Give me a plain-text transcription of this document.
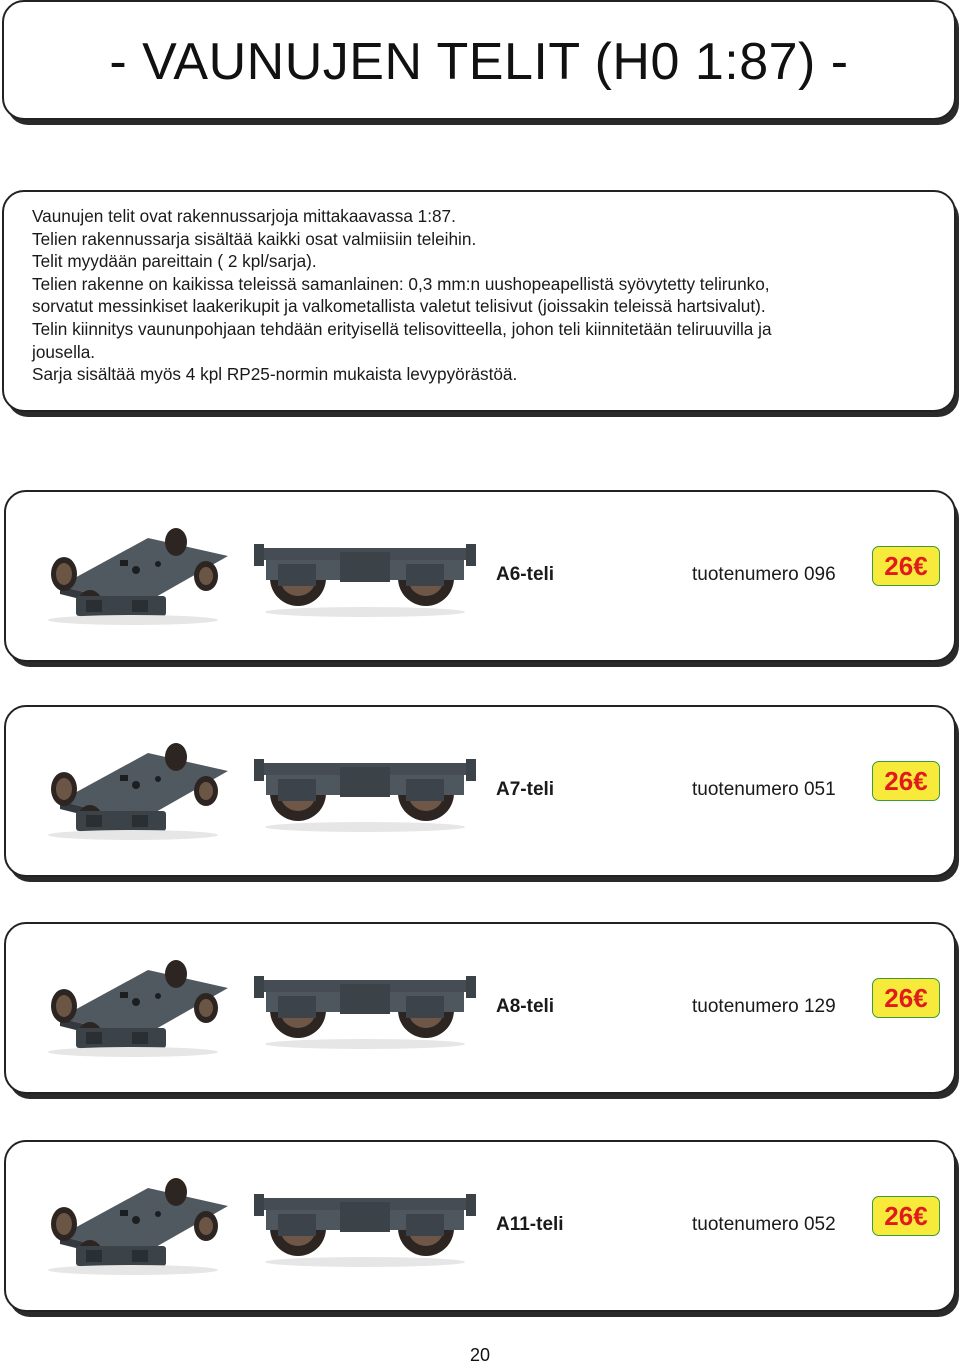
- VAUNUJEN TELIT (H0 1:87) -

Vaunujen telit ovat rakennussarjoja mittakaavassa 1:87.

Telien rakennussarja sisältää kaikki osat valmiisiin teleihin.

Telit myydään pareittain ( 2 kpl/sarja).

Telien rakenne on kaikissa teleissä samanlainen: 0,3 mm:n uushopeapellistä syövytetty telirunko,

sorvatut messinkiset laakerikupit ja valkometallista valetut telisivut (joissakin teleissä hartsivalut).

Telin kiinnitys vaununpohjaan tehdään erityisellä telisovitteella, johon teli kiinnitetään teliruuvilla ja

jousella.

Sarja sisältää myös 4 kpl RP25-normin mukaista levypyörästöä.

A6-teli	tuotenumero 096	26€
A7-teli	tuotenumero 051	26€
A8-teli	tuotenumero 129	26€
A11-teli	tuotenumero 052	26€
20
